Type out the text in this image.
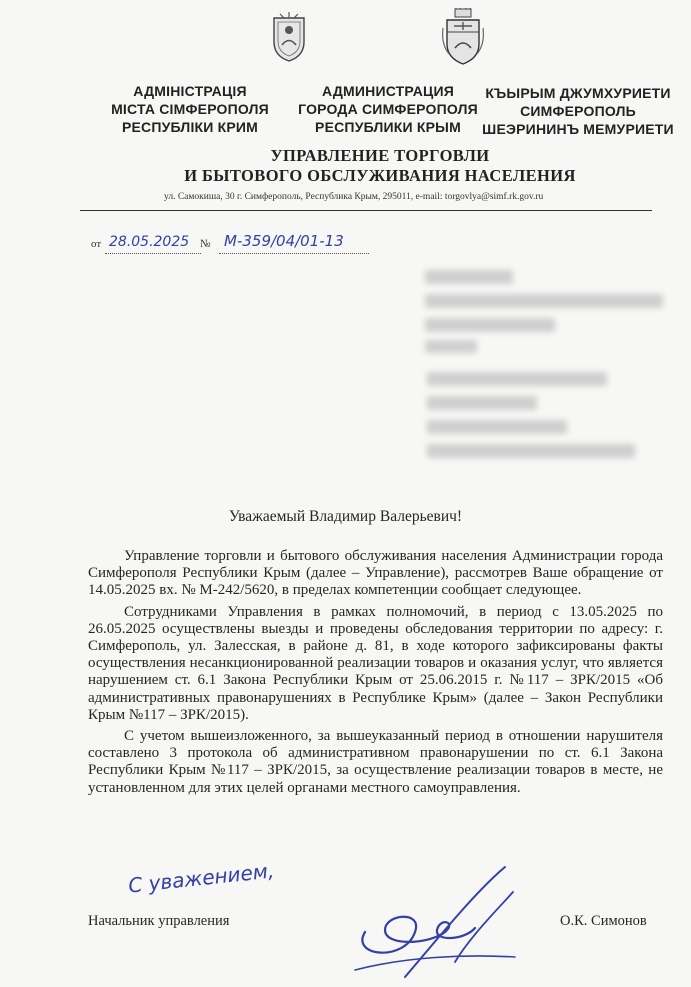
АДМІНІСТРАЦІЯ

МІСТА СІМФЕРОПОЛЯ

РЕСПУБЛІКИ КРИМ

АДМИНИСТРАЦИЯ

ГОРОДА СИМФЕРОПОЛЯ

РЕСПУБЛИКИ КРЫМ

КЪЫРЫМ ДЖУМХУРИЕТИ

СИМФЕРОПОЛЬ

ШЕЭРИНИНЪ МЕМУРИЕТИ

УПРАВЛЕНИЕ ТОРГОВЛИ
И БЫТОВОГО ОБСЛУЖИВАНИЯ НАСЕЛЕНИЯ
ул. Самокиша, 30 г. Симферополь, Республика Крым, 295011, e-mail: torgovlya@simf.rk.gov.ru
от 28.05.2025 № М-359/04/01-13
Уважаемый Владимир Валерьевич!

Управление торговли и бытового обслуживания населения Администрации города Симферополя Республики Крым (далее – Управление), рассмотрев Ваше обращение от 14.05.2025 вх. № М-242/5620, в пределах компетенции сообщает следующее.

Сотрудниками Управления в рамках полномочий, в период с 13.05.2025 по 26.05.2025 осуществлены выезды и проведены обследования территории по адресу: г. Симферополь, ул. Залесская, в районе д. 81, в ходе которого зафиксированы факты осуществления несанкционированной реализации товаров и оказания услуг, что является нарушением ст. 6.1 Закона Республики Крым от 25.06.2015 г. №117 – ЗРК/2015 «Об административных правонарушениях в Республике Крым» (далее – Закон Республики Крым №117 – ЗРК/2015).

С учетом вышеизложенного, за вышеуказанный период в отношении нарушителя составлено 3 протокола об административном правонарушении по ст. 6.1 Закона Республики Крым №117 – ЗРК/2015, за осуществление реализации товаров в месте, не установленном для этих целей органами местного самоуправления.

С уважением,
Начальник управления	О.К. Симонов
